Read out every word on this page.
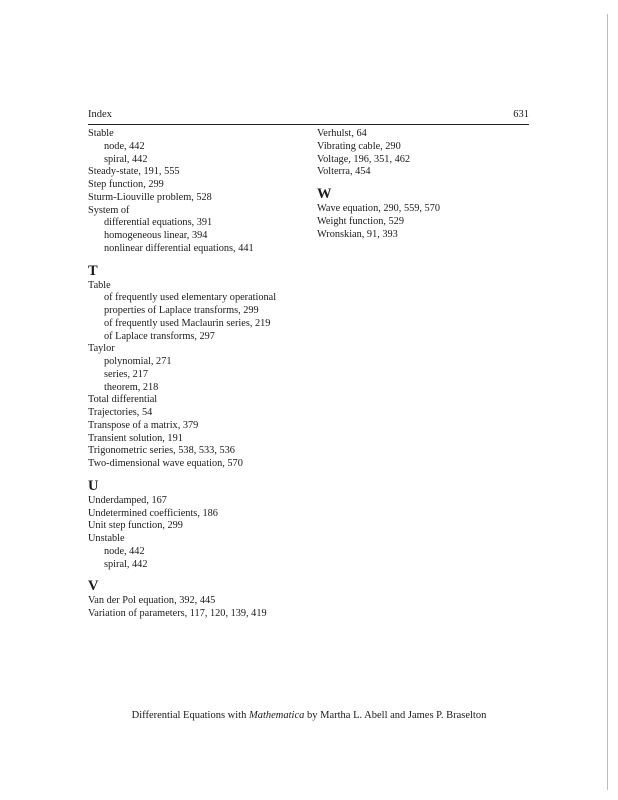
Index	631
Stable
node, 442
spiral, 442
Steady-state, 191, 555
Step function, 299
Sturm-Liouville problem, 528
System of
differential equations, 391
homogeneous linear, 394
nonlinear differential equations, 441
T
Table
of frequently used elementary operational
properties of Laplace transforms, 299
of frequently used Maclaurin series, 219
of Laplace transforms, 297
Taylor
polynomial, 271
series, 217
theorem, 218
Total differential
Trajectories, 54
Transpose of a matrix, 379
Transient solution, 191
Trigonometric series, 538, 533, 536
Two-dimensional wave equation, 570
U
Underdamped, 167
Undetermined coefficients, 186
Unit step function, 299
Unstable
node, 442
spiral, 442
V
Van der Pol equation, 392, 445
Variation of parameters, 117, 120, 139, 419
Verhulst, 64
Vibrating cable, 290
Voltage, 196, 351, 462
Volterra, 454
W
Wave equation, 290, 559, 570
Weight function, 529
Wronskian, 91, 393
Differential Equations with Mathematica by Martha L. Abell and James P. Braselton
